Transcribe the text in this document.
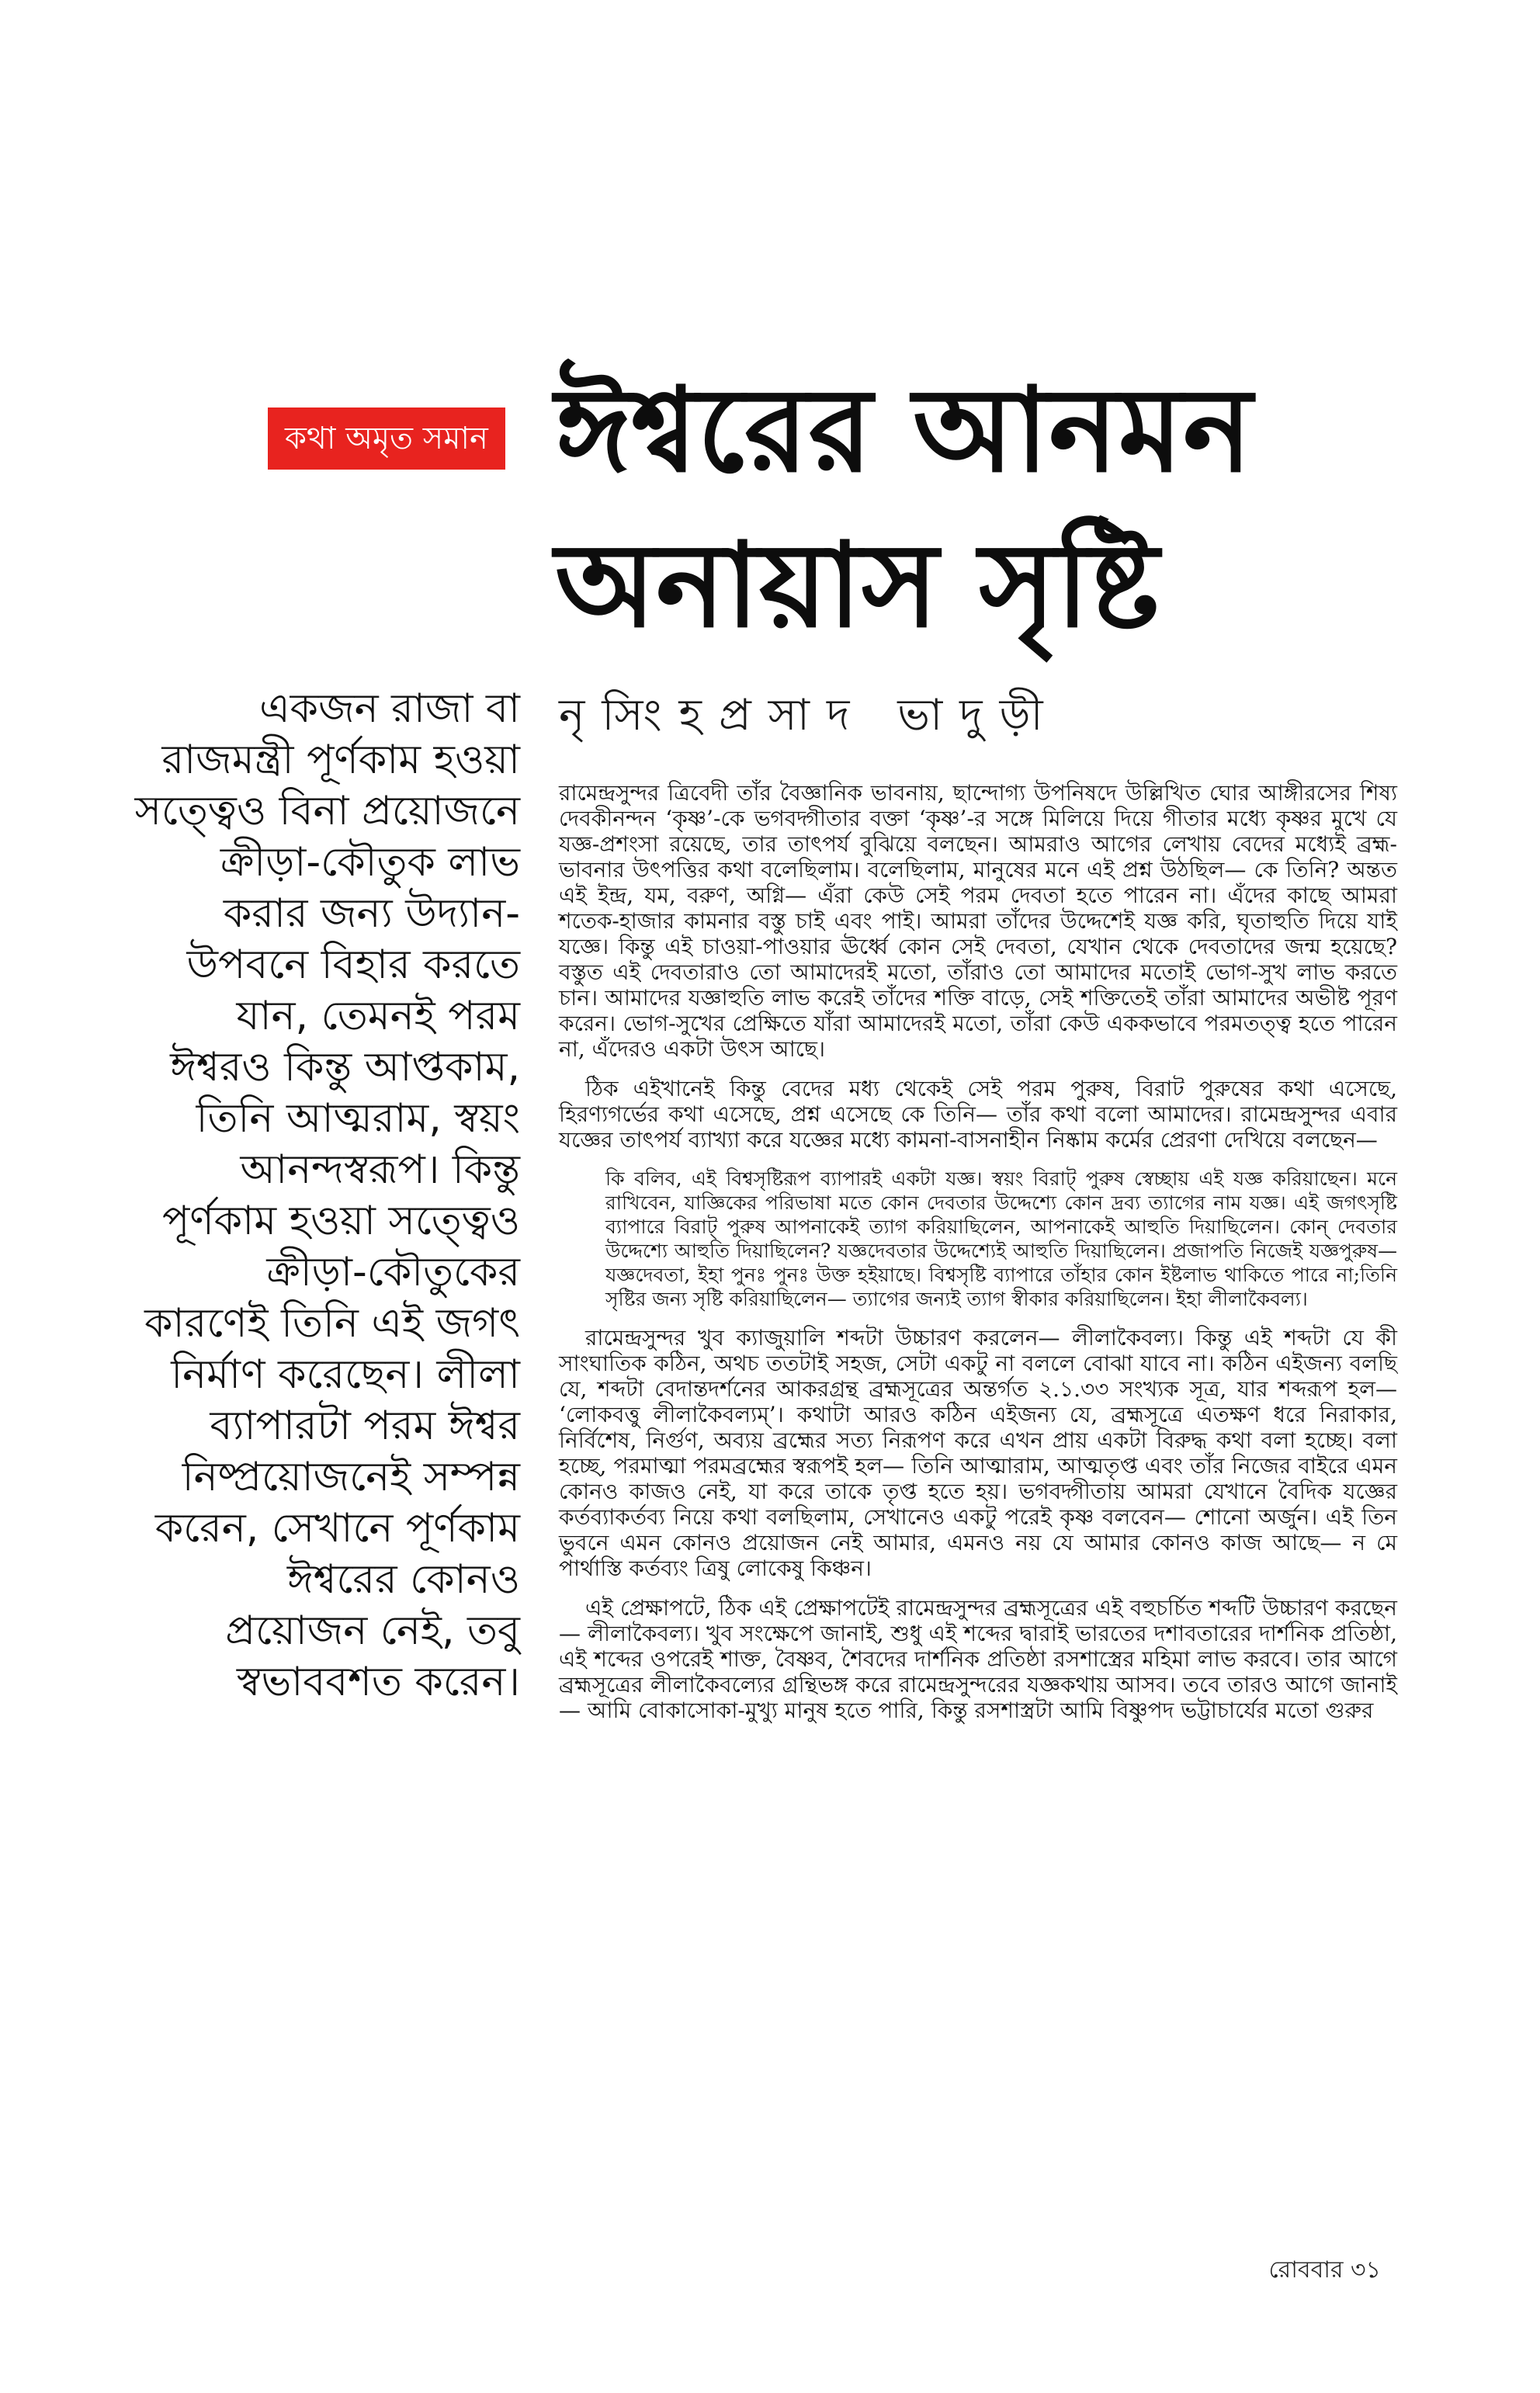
কথা অমৃত সমান ঈশ্বরের আনমন
অনায়াস সৃষ্টি
নৃসিংহপ্রসাদ ভাদুড়ী
একজন রাজা বা
রাজমন্ত্রী পূর্ণকাম হওয়া
সত্ত্বেও বিনা প্রয়োজনে
ক্রীড়া-কৌতুক লাভ
করার জন্য উদ্যান-
উপবনে বিহার করতে
যান, তেমনই পরম
ঈশ্বরও কিন্তু আপ্তকাম,
তিনি আত্মরাম, স্বয়ং
আনন্দস্বরূপ। কিন্তু
পূর্ণকাম হওয়া সত্ত্বেও
ক্রীড়া-কৌতুকের
কারণেই তিনি এই জগৎ
নির্মাণ করেছেন। লীলা
ব্যাপারটা পরম ঈশ্বর
নিষ্প্রয়োজনেই সম্পন্ন
করেন, সেখানে পূর্ণকাম
ঈশ্বরের কোনও
প্রয়োজন নেই, তবু
স্বভাববশত করেন।

রামেন্দ্রসুন্দর ত্রিবেদী তাঁর বৈজ্ঞানিক ভাবনায়, ছান্দোগ্য উপনিষদে উল্লিখিত ঘোর আঙ্গীরসের শিষ্য দেবকীনন্দন ‘কৃষ্ণ’-কে ভগবদ্গীতার বক্তা ‘কৃষ্ণ’-র সঙ্গে মিলিয়ে দিয়ে গীতার মধ্যে কৃষ্ণর মুখে যে যজ্ঞ-প্রশংসা রয়েছে, তার তাৎপর্য বুঝিয়ে বলছেন। আমরাও আগের লেখায় বেদের মধ্যেই ব্রহ্ম-ভাবনার উৎপত্তির কথা বলেছিলাম। বলেছিলাম, মানুষের মনে এই প্রশ্ন উঠছিল— কে তিনি? অন্তত এই ইন্দ্র, যম, বরুণ, অগ্নি— এঁরা কেউ সেই পরম দেবতা হতে পারেন না। এঁদের কাছে আমরা শতেক-হাজার কামনার বস্তু চাই এবং পাই। আমরা তাঁদের উদ্দেশেই যজ্ঞ করি, ঘৃতাহুতি দিয়ে যাই যজ্ঞে। কিন্তু এই চাওয়া-পাওয়ার ঊর্ধ্বে কোন সেই দেবতা, যেখান থেকে দেবতাদের জন্ম হয়েছে? বস্তুত এই দেবতারাও তো আমাদেরই মতো, তাঁরাও তো আমাদের মতোই ভোগ-সুখ লাভ করতে চান। আমাদের যজ্ঞাহুতি লাভ করেই তাঁদের শক্তি বাড়ে, সেই শক্তিতেই তাঁরা আমাদের অভীষ্ট পূরণ করেন। ভোগ-সুখের প্রেক্ষিতে যাঁরা আমাদেরই মতো, তাঁরা কেউ এককভাবে পরমতত্ত্ব হতে পারেন না, এঁদেরও একটা উৎস আছে।

ঠিক এইখানেই কিন্তু বেদের মধ্য থেকেই সেই পরম পুরুষ, বিরাট পুরুষের কথা এসেছে, হিরণ্যগর্ভের কথা এসেছে, প্রশ্ন এসেছে কে তিনি— তাঁর কথা বলো আমাদের। রামেন্দ্রসুন্দর এবার যজ্ঞের তাৎপর্য ব্যাখ্যা করে যজ্ঞের মধ্যে কামনা-বাসনাহীন নিষ্কাম কর্মের প্রেরণা দেখিয়ে বলছেন—

কি বলিব, এই বিশ্বসৃষ্টিরূপ ব্যাপারই একটা যজ্ঞ। স্বয়ং বিরাট্ পুরুষ স্বেচ্ছায় এই যজ্ঞ করিয়াছেন। মনে রাখিবেন, যাজ্ঞিকের পরিভাষা মতে কোন দেবতার উদ্দেশ্যে কোন দ্রব্য ত্যাগের নাম যজ্ঞ। এই জগৎসৃষ্টি ব্যাপারে বিরাট্ পুরুষ আপনাকেই ত্যাগ করিয়াছিলেন, আপনাকেই আহুতি দিয়াছিলেন। কোন্ দেবতার উদ্দেশ্যে আহুতি দিয়াছিলেন? যজ্ঞদেবতার উদ্দেশ্যেই আহুতি দিয়াছিলেন। প্রজাপতি নিজেই যজ্ঞপুরুষ— যজ্ঞদেবতা, ইহা পুনঃ পুনঃ উক্ত হইয়াছে। বিশ্বসৃষ্টি ব্যাপারে তাঁহার কোন ইষ্টলাভ থাকিতে পারে না;তিনি সৃষ্টির জন্য সৃষ্টি করিয়াছিলেন— ত্যাগের জন্যই ত্যাগ স্বীকার করিয়াছিলেন। ইহা লীলাকৈবল্য।

রামেন্দ্রসুন্দর খুব ক্যাজুয়ালি শব্দটা উচ্চারণ করলেন— লীলাকৈবল্য। কিন্তু এই শব্দটা যে কী সাংঘাতিক কঠিন, অথচ ততটাই সহজ, সেটা একটু না বললে বোঝা যাবে না। কঠিন এইজন্য বলছি যে, শব্দটা বেদান্তদর্শনের আকরগ্রন্থ ব্রহ্মসূত্রের অন্তর্গত ২.১.৩৩ সংখ্যক সূত্র, যার শব্দরূপ হল— ‘লোকবত্তু লীলাকৈবল্যম্’। কথাটা আরও কঠিন এইজন্য যে, ব্রহ্মসূত্রে এতক্ষণ ধরে নিরাকার, নির্বিশেষ, নির্গুণ, অব্যয় ব্রহ্মের সত্য নিরূপণ করে এখন প্রায় একটা বিরুদ্ধ কথা বলা হচ্ছে। বলা হচ্ছে, পরমাত্মা পরমব্রহ্মের স্বরূপই হল— তিনি আত্মারাম, আত্মতৃপ্ত এবং তাঁর নিজের বাইরে এমন কোনও কাজও নেই, যা করে তাকে তৃপ্ত হতে হয়। ভগবদ্গীতায় আমরা যেখানে বৈদিক যজ্ঞের কর্তব্যাকর্তব্য নিয়ে কথা বলছিলাম, সেখানেও একটু পরেই কৃষ্ণ বলবেন— শোনো অর্জুন। এই তিন ভুবনে এমন কোনও প্রয়োজন নেই আমার, এমনও নয় যে আমার কোনও কাজ আছে— ন মে পার্থাস্তি কর্তব্যং ত্রিষু লোকেষু কিঞ্চন।

এই প্রেক্ষাপটে, ঠিক এই প্রেক্ষাপটেই রামেন্দ্রসুন্দর ব্রহ্মসূত্রের এই বহুচর্চিত শব্দটি উচ্চারণ করছেন— লীলাকৈবল্য। খুব সংক্ষেপে জানাই, শুধু এই শব্দের দ্বারাই ভারতের দশাবতারের দার্শনিক প্রতিষ্ঠা, এই শব্দের ওপরেই শাক্ত, বৈষ্ণব, শৈবদের দার্শনিক প্রতিষ্ঠা রসশাস্ত্রের মহিমা লাভ করবে। তার আগে ব্রহ্মসূত্রের লীলাকৈবল্যের গ্রন্থিভঙ্গ করে রামেন্দ্রসুন্দরের যজ্ঞকথায় আসব। তবে তারও আগে জানাই— আমি বোকাসোকা-মুখ্যু মানুষ হতে পারি, কিন্তু রসশাস্ত্রটা আমি বিষ্ণুপদ ভট্টাচার্যের মতো গুরুর

রোববার ৩১
